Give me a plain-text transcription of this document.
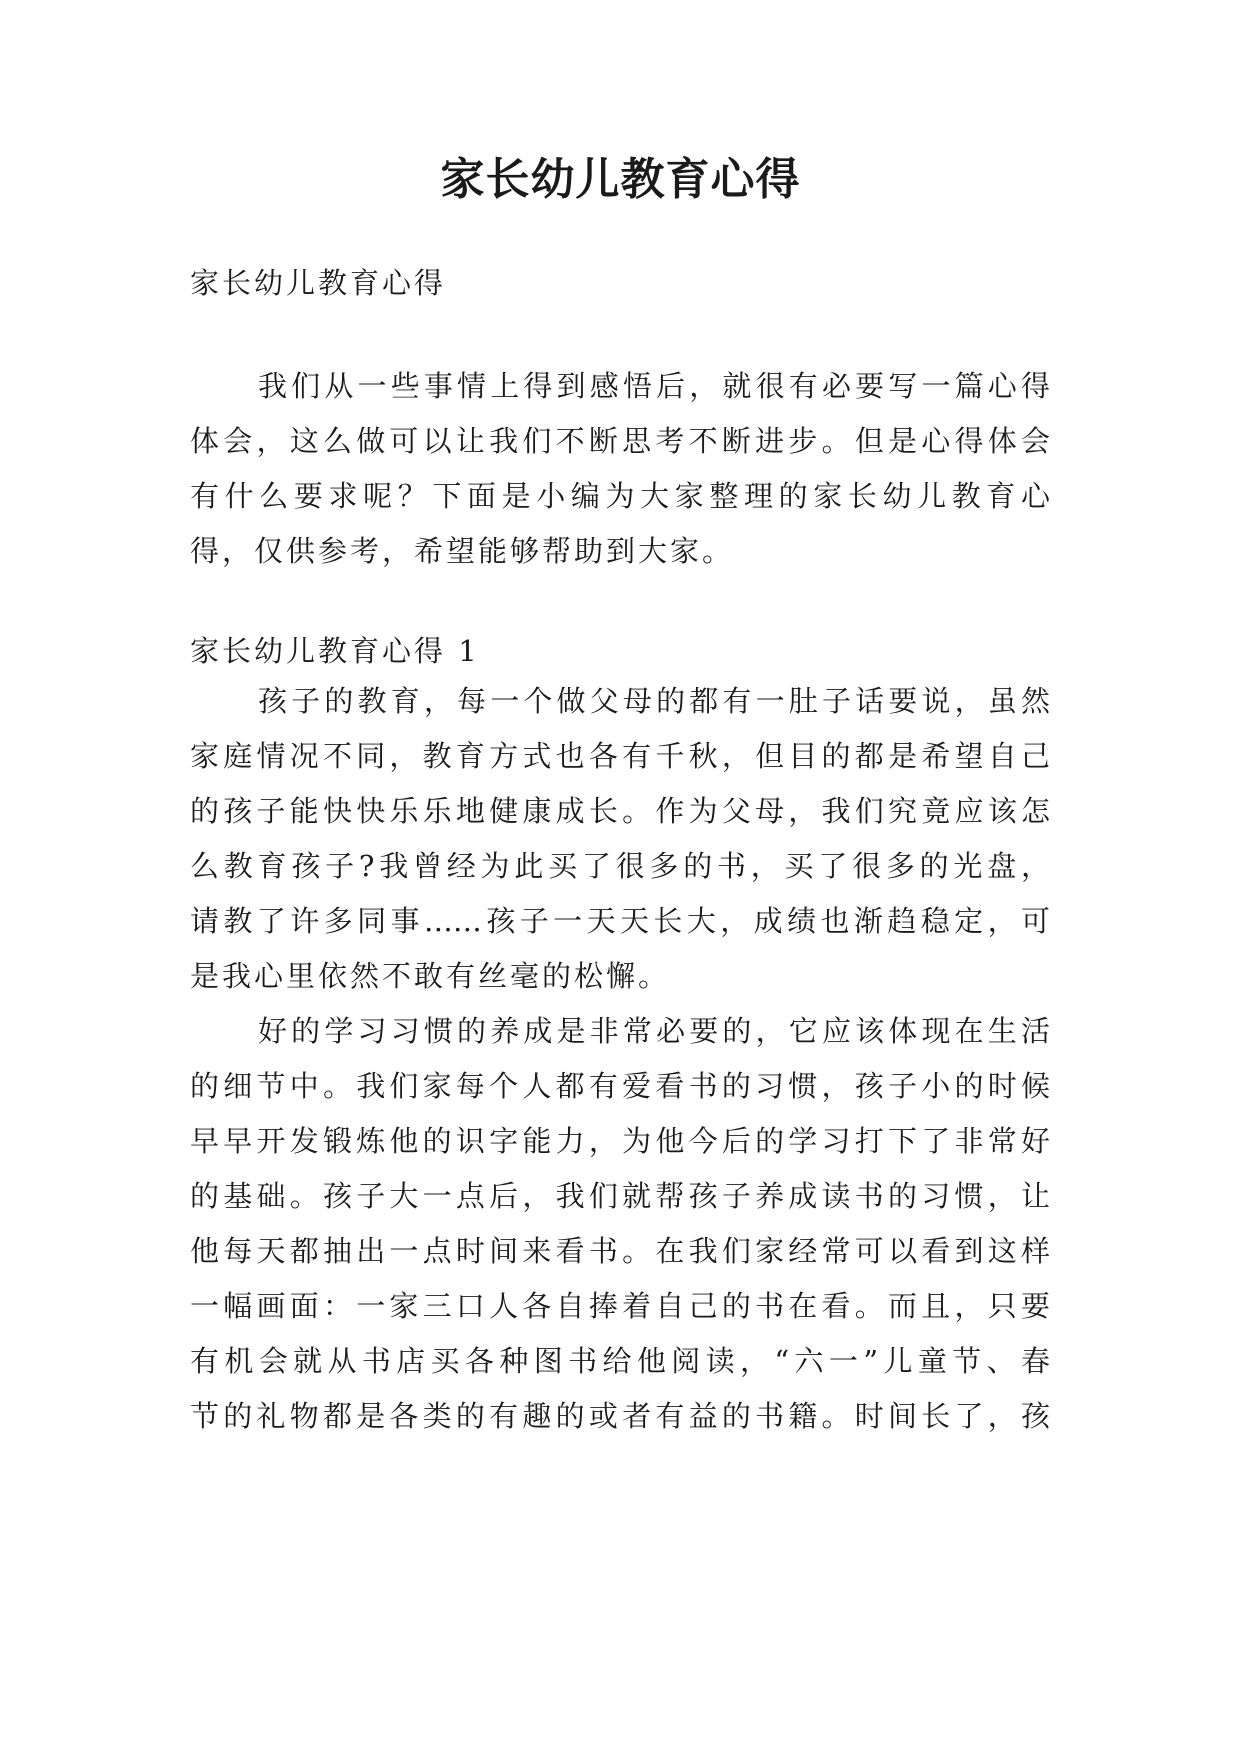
家长幼儿教育心得

家长幼儿教育心得

我们从一些事情上得到感悟后，就很有必要写一篇心得

体会，这么做可以让我们不断思考不断进步。但是心得体会

有什么要求呢？下面是小编为大家整理的家长幼儿教育心

得，仅供参考，希望能够帮助到大家。

家长幼儿教育心得 1

孩子的教育，每一个做父母的都有一肚子话要说，虽然

家庭情况不同，教育方式也各有千秋，但目的都是希望自己

的孩子能快快乐乐地健康成长。作为父母，我们究竟应该怎

么教育孩子?我曾经为此买了很多的书，买了很多的光盘，

请教了许多同事……孩子一天天长大，成绩也渐趋稳定，可

是我心里依然不敢有丝毫的松懈。

好的学习习惯的养成是非常必要的，它应该体现在生活

的细节中。我们家每个人都有爱看书的习惯，孩子小的时候

早早开发锻炼他的识字能力，为他今后的学习打下了非常好

的基础。孩子大一点后，我们就帮孩子养成读书的习惯，让

他每天都抽出一点时间来看书。在我们家经常可以看到这样

一幅画面：一家三口人各自捧着自己的书在看。而且，只要

有机会就从书店买各种图书给他阅读，“六一”儿童节、春

节的礼物都是各类的有趣的或者有益的书籍。时间长了，孩
